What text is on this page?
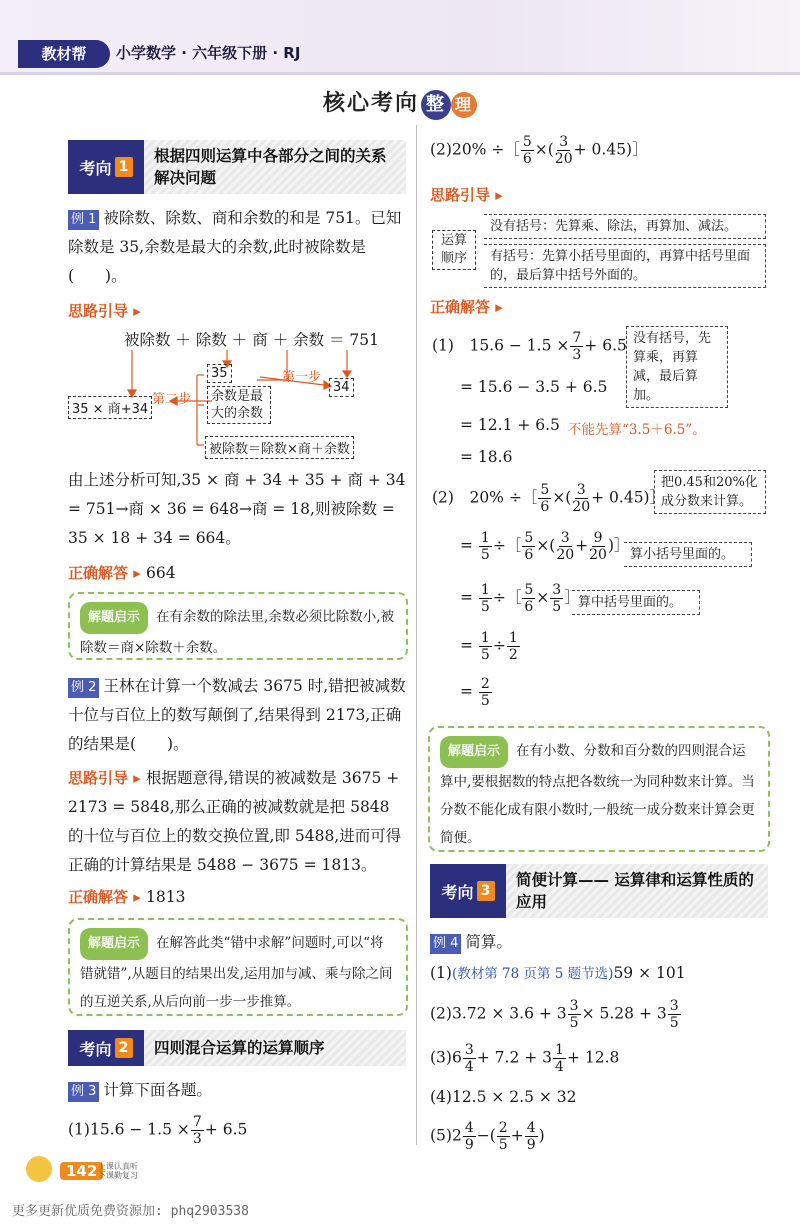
教材帮	小学数学 · 六年级下册 · RJ
核心考向 整 理
考向 1
根据四则运算中各部分之间的关系解决问题
例 1 被除数、除数、商和余数的和是 751。已知除数是 35,余数是最大的余数,此时被除数是(　　)。
思路引导 ▸
被除数 ＋ 除数 ＋ 商 ＋ 余数 ＝ 751
35
34
35 × 商+34
余数是最大的余数
第一步
第二步
被除数＝除数×商＋余数
由上述分析可知,35 × 商 + 34 + 35 + 商 + 34 = 751→商 × 36 = 648→商 = 18,则被除数 = 35 × 18 + 34 = 664。
正确解答 ▸ 664
解题启示 在有余数的除法里,余数必须比除数小,被除数＝商×除数＋余数。
例 2 王林在计算一个数减去 3675 时,错把被减数十位与百位上的数写颠倒了,结果得到 2173,正确的结果是(　　)。
思路引导 ▸ 根据题意得,错误的被减数是 3675 + 2173 = 5848,那么正确的被减数就是把 5848 的十位与百位上的数交换位置,即 5488,进而可得正确的计算结果是 5488 − 3675 = 1813。
正确解答 ▸ 1813
解题启示 在解答此类“错中求解”问题时,可以“将错就错”,从题目的结果出发,运用加与减、乘与除之间的互逆关系,从后向前一步一步推算。
考向 2 四则混合运算的运算顺序
例 3 计算下面各题。
$(1)15.6 - 1.5 \times \frac{7}{3} + 6.5$
(2)20% ÷［ $\frac{5}{6}$ ×( $\frac{3}{20}$ + 0.45)］
思路引导 ▸
运算顺序
没有括号：先算乘、除法，再算加、减法。
有括号：先算小括号里面的，再算中括号里面的，最后算中括号外面的。
正确解答 ▸
(1)　$15.6 - 1.5 \times \frac{7}{3} + 6.5$ 没有括号，先算乘，再算减，最后算加。
= 15.6 − 3.5 + 6.5
= 12.1 + 6.5 不能先算“3.5＋6.5”。
= 18.6
(2)　20% ÷［ $\frac{5}{6}$ ×( $\frac{3}{20}$ + 0.45)］
把0.45和20%化成分数来计算。
= $\frac{1}{5}$ ÷［ $\frac{5}{6}$ ×( $\frac{3}{20} + \frac{9}{20}$ )］ 算小括号里面的。
= $\frac{1}{5}$ ÷［ $\frac{5}{6} \times \frac{3}{5}$ ］
算中括号里面的。
= $\frac{1}{5} \div \frac{1}{2}$
= $\frac{2}{5}$
解题启示 在有小数、分数和百分数的四则混合运算中,要根据数的特点把各数统一为同种数来计算。当分数不能化成有限小数时,一般统一成分数来计算会更简便。
考向 3
简便计算—— 运算律和运算性质的应用
例 4 简算。
(1)(教材第 78 页第 5 题节选)59 × 101
$(2)3.72 \times 3.6 + 3 \frac{3}{5} \times 5.28 + 3 \frac{3}{5}$
$(3)6 \frac{3}{4} + 7.2 + 3 \frac{1}{4} + 12.8$
(4)12.5 × 2.5 × 32
$(5)2 \frac{4}{9}$ −( $\frac{2}{5} + \frac{4}{9}$ )
142 上课认真听 下课勤复习
更多更新优质免费资源加: phq2903538
